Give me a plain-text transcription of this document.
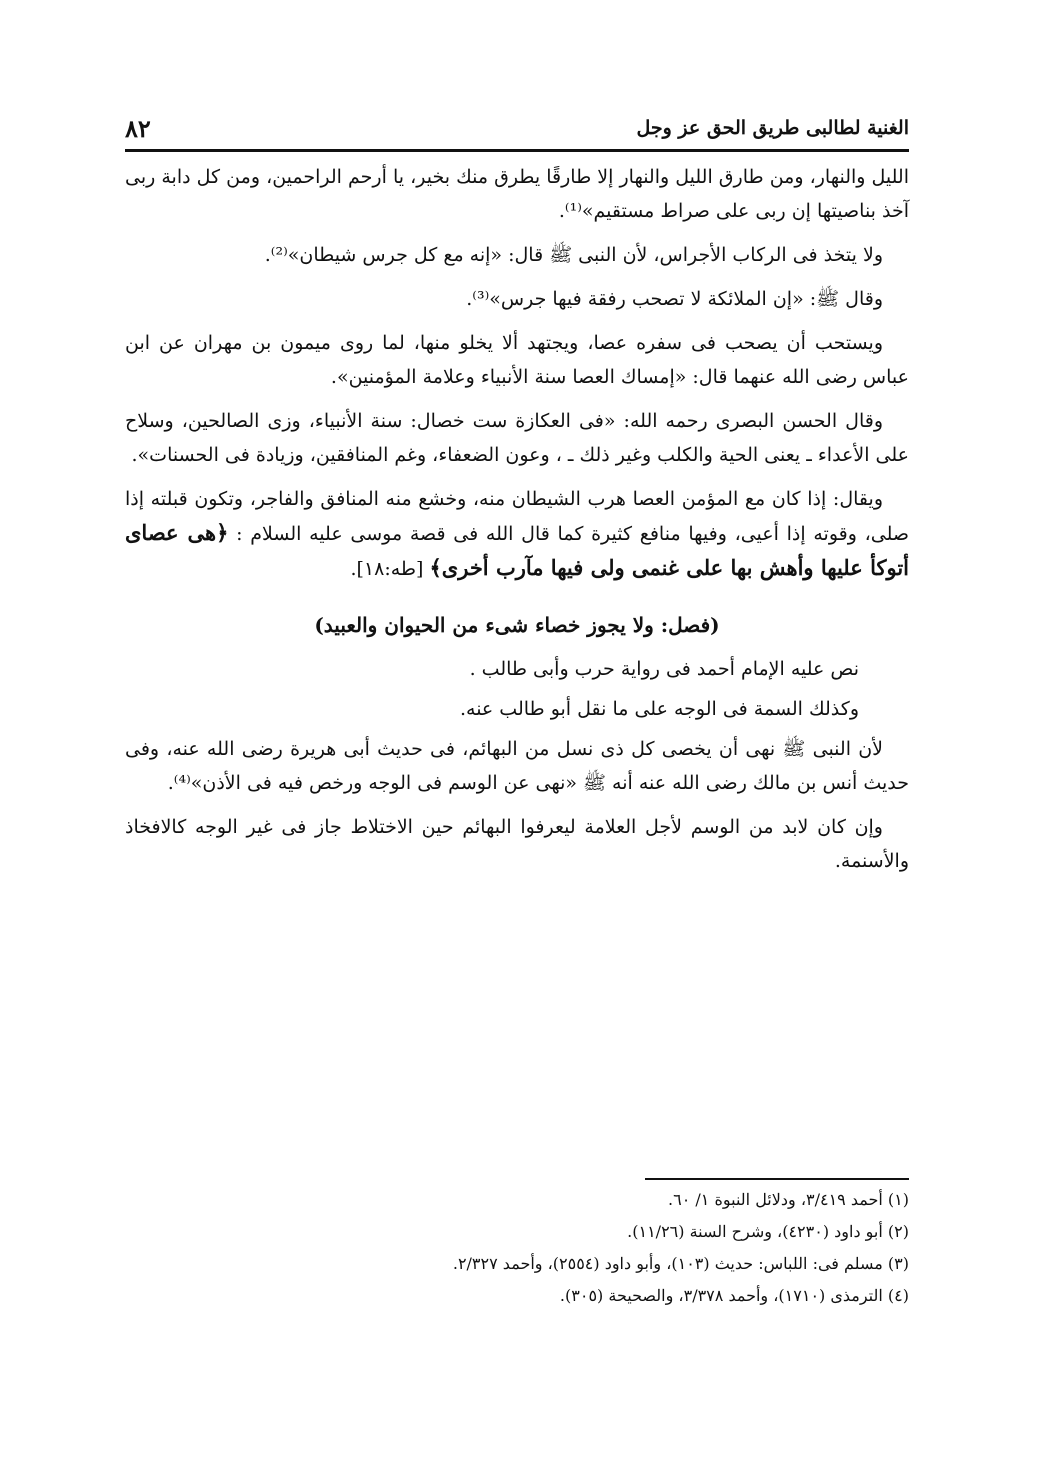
الغنية لطالبى طريق الحق عز وجل
٨٢

الليل والنهار، ومن طارق الليل والنهار إلا طارقًا يطرق منك بخير، يا أرحم الراحمين، ومن كل دابة ربى آخذ بناصيتها إن ربى على صراط مستقيم»⁽¹⁾.

ولا يتخذ فى الركاب الأجراس، لأن النبى ﷺ قال: «إنه مع كل جرس شيطان»⁽²⁾.

وقال ﷺ: «إن الملائكة لا تصحب رفقة فيها جرس»⁽³⁾.

ويستحب أن يصحب فى سفره عصا، ويجتهد ألا يخلو منها، لما روى ميمون بن مهران عن ابن عباس رضى الله عنهما قال: «إمساك العصا سنة الأنبياء وعلامة المؤمنين».

وقال الحسن البصرى رحمه الله: «فى العكازة ست خصال: سنة الأنبياء، وزى الصالحين، وسلاح على الأعداء ـ يعنى الحية والكلب وغير ذلك ـ ، وعون الضعفاء، وغم المنافقين، وزيادة فى الحسنات».

ويقال: إذا كان مع المؤمن العصا هرب الشيطان منه، وخشع منه المنافق والفاجر، وتكون قبلته إذا صلى، وقوته إذا أعيى، وفيها منافع كثيرة كما قال الله فى قصة موسى عليه السلام : ﴿هى عصاى أتوكأ عليها وأهش بها على غنمى ولى فيها مآرب أخرى﴾ [طه:١٨].

(فصل: ولا يجوز خصاء شىء من الحيوان والعبيد)

نص عليه الإمام أحمد فى رواية حرب وأبى طالب .

وكذلك السمة فى الوجه على ما نقل أبو طالب عنه.

لأن النبى ﷺ نهى أن يخصى كل ذى نسل من البهائم، فى حديث أبى هريرة رضى الله عنه، وفى حديث أنس بن مالك رضى الله عنه أنه ﷺ «نهى عن الوسم فى الوجه ورخص فيه فى الأذن»⁽⁴⁾.

وإن كان لابد من الوسم لأجل العلامة ليعرفوا البهائم حين الاختلاط جاز فى غير الوجه كالافخاذ والأسنمة.

(١) أحمد ٣/٤١٩، ودلائل النبوة ١/ ٦٠.
(٢) أبو داود (٤٢٣٠)، وشرح السنة (١١/٢٦).
(٣) مسلم فى: اللباس: حديث (١٠٣)، وأبو داود (٢٥٥٤)، وأحمد ٢/٣٢٧.
(٤) الترمذى (١٧١٠)، وأحمد ٣/٣٧٨، والصحيحة (٣٠٥).
